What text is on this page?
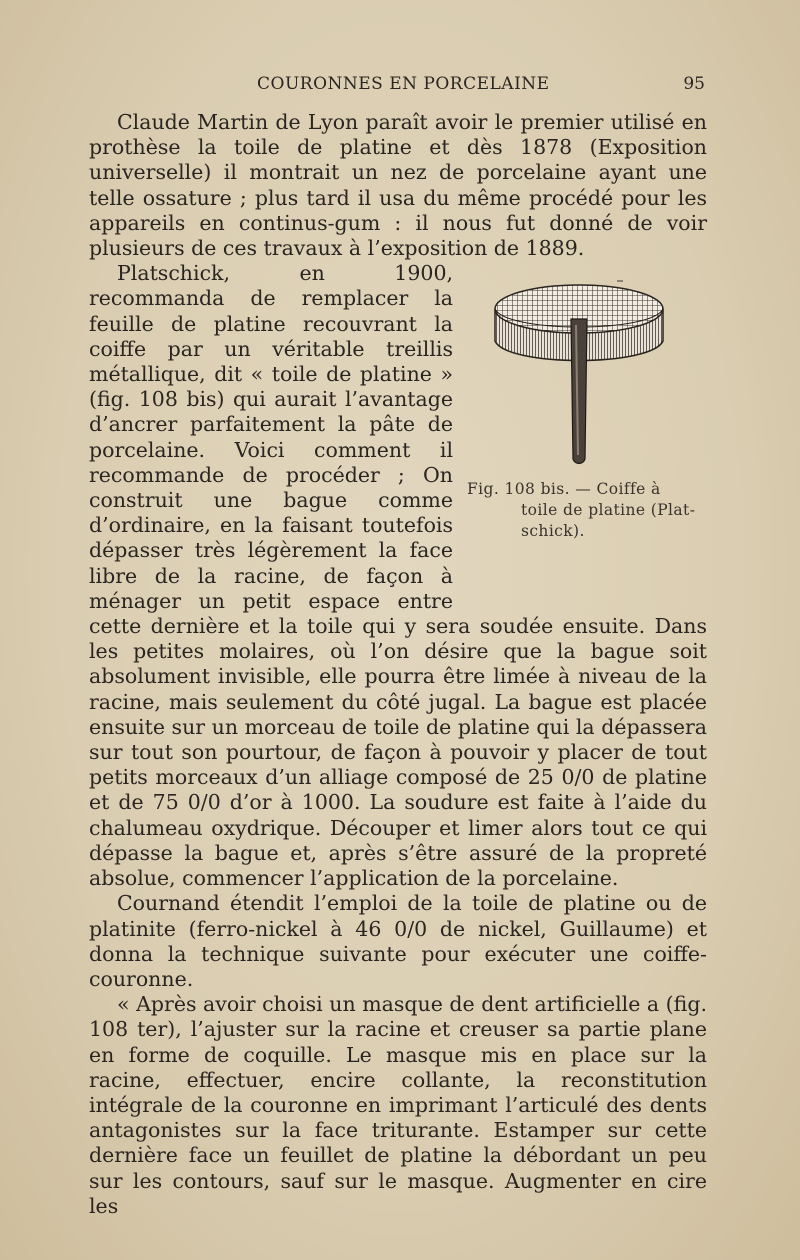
COURONNES EN PORCELAINE	95

Claude Martin de Lyon paraît avoir le premier utilisé en prothèse la toile de platine et dès 1878 (Exposition universelle) il montrait un nez de porcelaine ayant une telle ossature ; plus tard il usa du même procédé pour les appareils en continus-gum : il nous fut donné de voir plusieurs de ces travaux à l’exposition de 1889.

Fig. 108 bis. — Coiffe à
toile de platine (Plat-
schick).

Platschick, en 1900, recommanda de remplacer la feuille de platine recouvrant la coiffe par un véritable treillis métallique, dit « toile de platine » (fig. 108 bis) qui aurait l’avantage d’ancrer parfaitement la pâte de porcelaine. Voici comment il recommande de procéder ; On construit une bague comme d’ordinaire, en la faisant toutefois dépasser très légèrement la face libre de la racine, de façon à ménager un petit espace entre cette dernière et la toile qui y sera soudée ensuite. Dans les petites molaires, où l’on désire que la bague soit absolument invisible, elle pourra être limée à niveau de la racine, mais seulement du côté jugal. La bague est placée ensuite sur un morceau de toile de platine qui la dépassera sur tout son pourtour, de façon à pouvoir y placer de tout petits morceaux d’un alliage composé de 25 0/0 de platine et de 75 0/0 d’or à 1000. La soudure est faite à l’aide du chalumeau oxydrique. Découper et limer alors tout ce qui dépasse la bague et, après s’être assuré de la propreté absolue, commencer l’application de la porcelaine.

Cournand étendit l’emploi de la toile de platine ou de platinite (ferro-nickel à 46 0/0 de nickel, Guillaume) et donna la technique suivante pour exécuter une coiffe-couronne.

« Après avoir choisi un masque de dent artificielle a (fig. 108 ter), l’ajuster sur la racine et creuser sa partie plane en forme de coquille. Le masque mis en place sur la racine, effectuer, encire collante, la reconstitution intégrale de la couronne en imprimant l’articulé des dents antagonistes sur la face triturante. Estamper sur cette dernière face un feuillet de platine la débordant un peu sur les contours, sauf sur le masque. Augmenter en cire les
